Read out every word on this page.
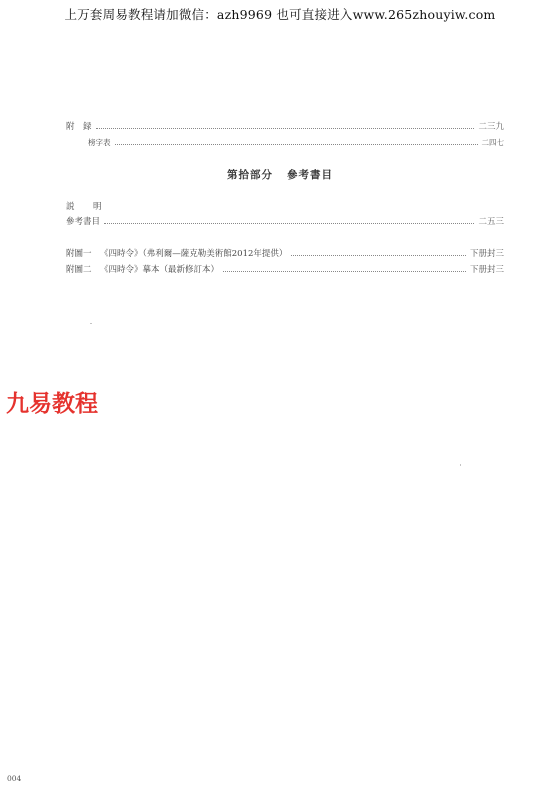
上万套周易教程请加微信：azh9969 也可直接进入www.265zhouyiw.com
附　録	二三九
榜字表	二四七
第拾部分 參考書目
説　明
參考書目	二五三
附圖一 《四時令》（弗利爾—薩克勒美術館2012年提供）	下册封三
附圖二 《四時令》摹本（最新修訂本）	下册封三
九易教程
004
